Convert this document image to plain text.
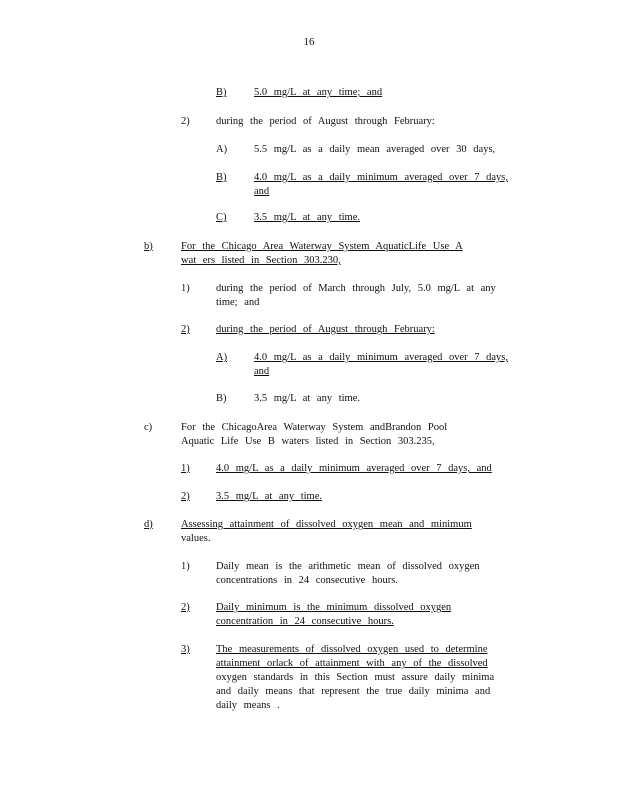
16
B)	5.0 mg/L at any time; and
2)	during the period of August through February:
A)	5.5 mg/L as a daily mean averaged over 30 days,
B)	4.0 mg/L as a daily minimum averaged over 7 days,
and
C)	3.5 mg/L at any time.
b)	For the Chicago Area Waterway System AquaticLife Use A
wat ers listed in Section 303.230,
1)	during the period of March through July, 5.0 mg/L at any
time; and
2)	during the period of August through February:
A)	4.0 mg/L as a daily minimum averaged over 7 days,
and
B)	3.5 mg/L at any time.
c)	For the ChicagoArea Waterway System andBrandon Pool
Aquatic Life Use B waters listed in Section 303.235,
1)	4.0 mg/L as a daily minimum averaged over 7 days, and
2)	3.5 mg/L at any time.
d)	Assessing attainment of dissolved oxygen mean and minimum
values.
1)	Daily mean is the arithmetic mean of dissolved oxygen
concentrations in 24 consecutive hours.
2)	Daily minimum is the minimum dissolved oxygen
concentration in 24 consecutive hours.
3)	The measurements of dissolved oxygen used to determine
attainment orlack of attainment with any of the dissolved
oxygen standards in this Section must assure daily minima
and daily means that represent the true daily minima and
daily means .
